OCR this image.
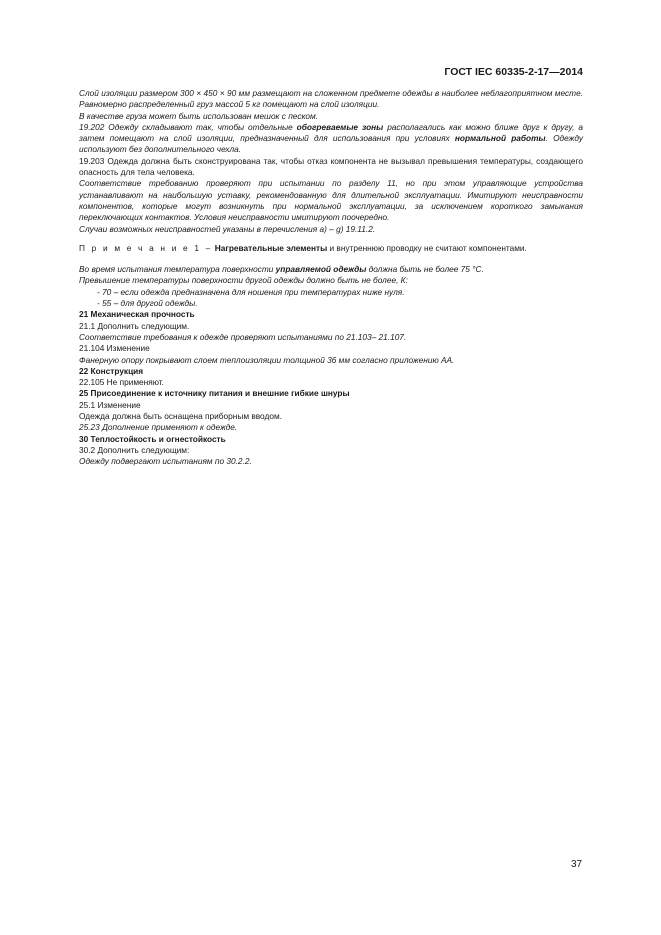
ГОСТ IEC 60335-2-17—2014

Слой изоляции размером 300 × 450 × 90 мм размещают на сложенном предмете одежды в наиболее неблагоприятном месте. Равномерно распределенный груз массой 5 кг помещают на слой изоляции.

В качестве груза может быть использован мешок с песком.

19.202 Одежду складывают так, чтобы отдельные обогреваемые зоны располагались как можно ближе друг к другу, а затем помещают на слой изоляции, предназначенный для использования при условиях нормальной работы. Одежду используют без дополнительного чехла.

19.203 Одежда должна быть сконструирована так, чтобы отказ компонента не вызывал превышения температуры, создающего опасность для тела человека.

Соответствие требованию проверяют при испытании по разделу 11, но при этом управляющие устройства устанавливают на наибольшую уставку, рекомендованную для длительной эксплуатации. Имитируют неисправности компонентов, которые могут возникнуть при нормальной эксплуатации, за исключением короткого замыкания переключающих контактов. Условия неисправности имитируют поочередно.

Случаи возможных неисправностей указаны в перечисления а) – g) 19.11.2.

П р и м е ч а н и е 1 – Нагревательные элементы и внутреннюю проводку не считают компонентами.

Во время испытания температура поверхности управляемой одежды должна быть не более 75 °С.

Превышение температуры поверхности другой одежды должно быть не более, К:

- 70 – если одежда предназначена для ношения при температурах ниже нуля.

- 55 – для другой одежды.

21 Механическая прочность

21.1 Дополнить следующим.

Соответствие требования к одежде проверяют испытаниями по 21.103– 21.107.

21.104 Изменение

Фанерную опору покрывают слоем теплоизоляции толщиной 36 мм согласно приложению АА.

22 Конструкция

22.105 Не применяют.

25 Присоединение к источнику питания и внешние гибкие шнуры

25.1 Изменение

Одежда должна быть оснащена приборным вводом.

25.23 Дополнение применяют к одежде.

30 Теплостойкость и огнестойкость

30.2 Дополнить следующим:

Одежду подвергают испытаниям по 30.2.2.

37
